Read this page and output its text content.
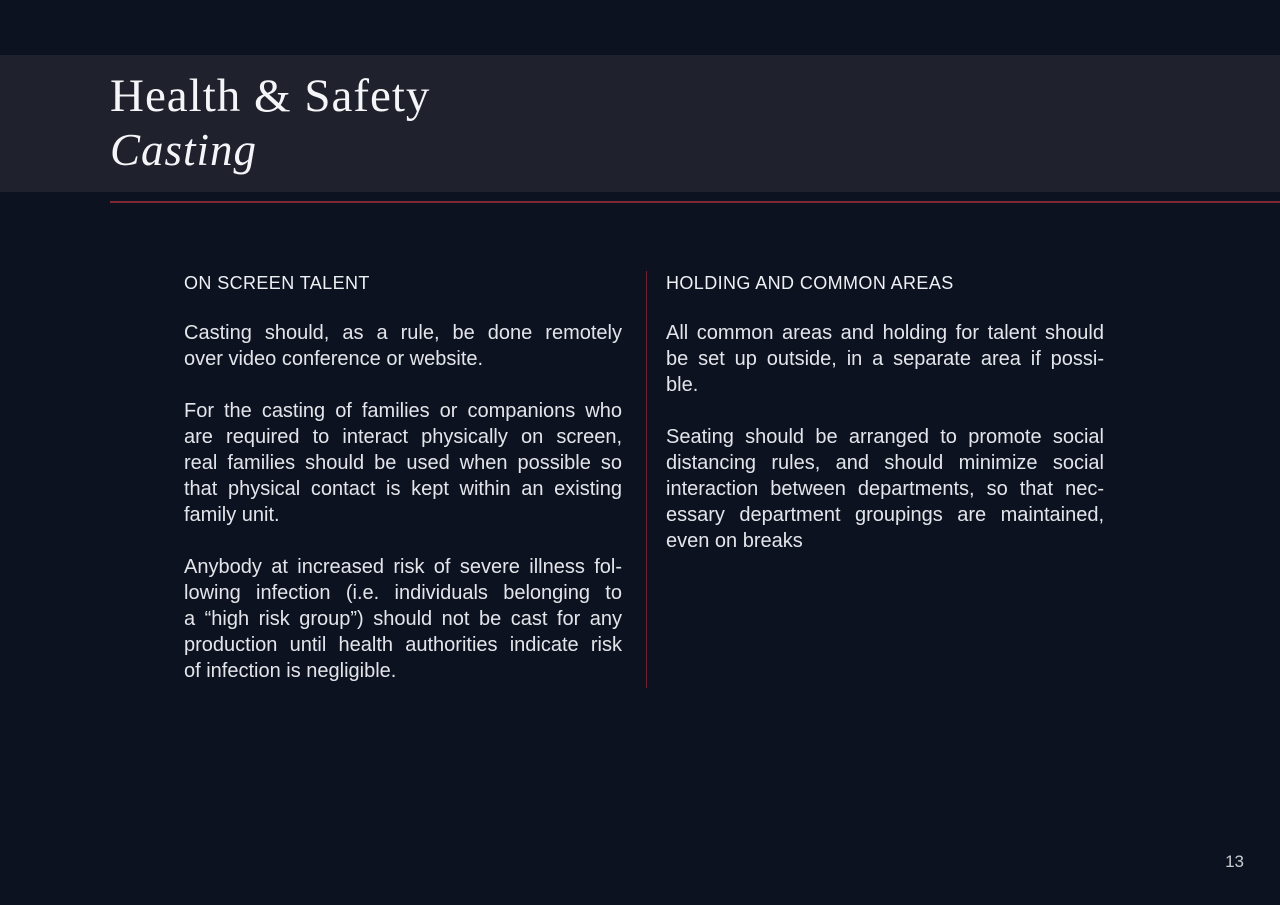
Health & Safety
Casting
ON SCREEN TALENT
Casting should, as a rule, be done remotely
over video conference or website.
For the casting of families or companions who
are required to interact physically on screen,
real families should be used when possible so
that physical contact is kept within an existing
family unit.
Anybody at increased risk of severe illness fol-
lowing infection (i.e. individuals belonging to
a “high risk group”) should not be cast for any
production until health authorities indicate risk
of infection is negligible.
HOLDING AND COMMON AREAS
All common areas and holding for talent should
be set up outside, in a separate area if possi-
ble.
Seating should be arranged to promote social
distancing rules, and should minimize social
interaction between departments, so that nec-
essary department groupings are maintained,
even on breaks
13
